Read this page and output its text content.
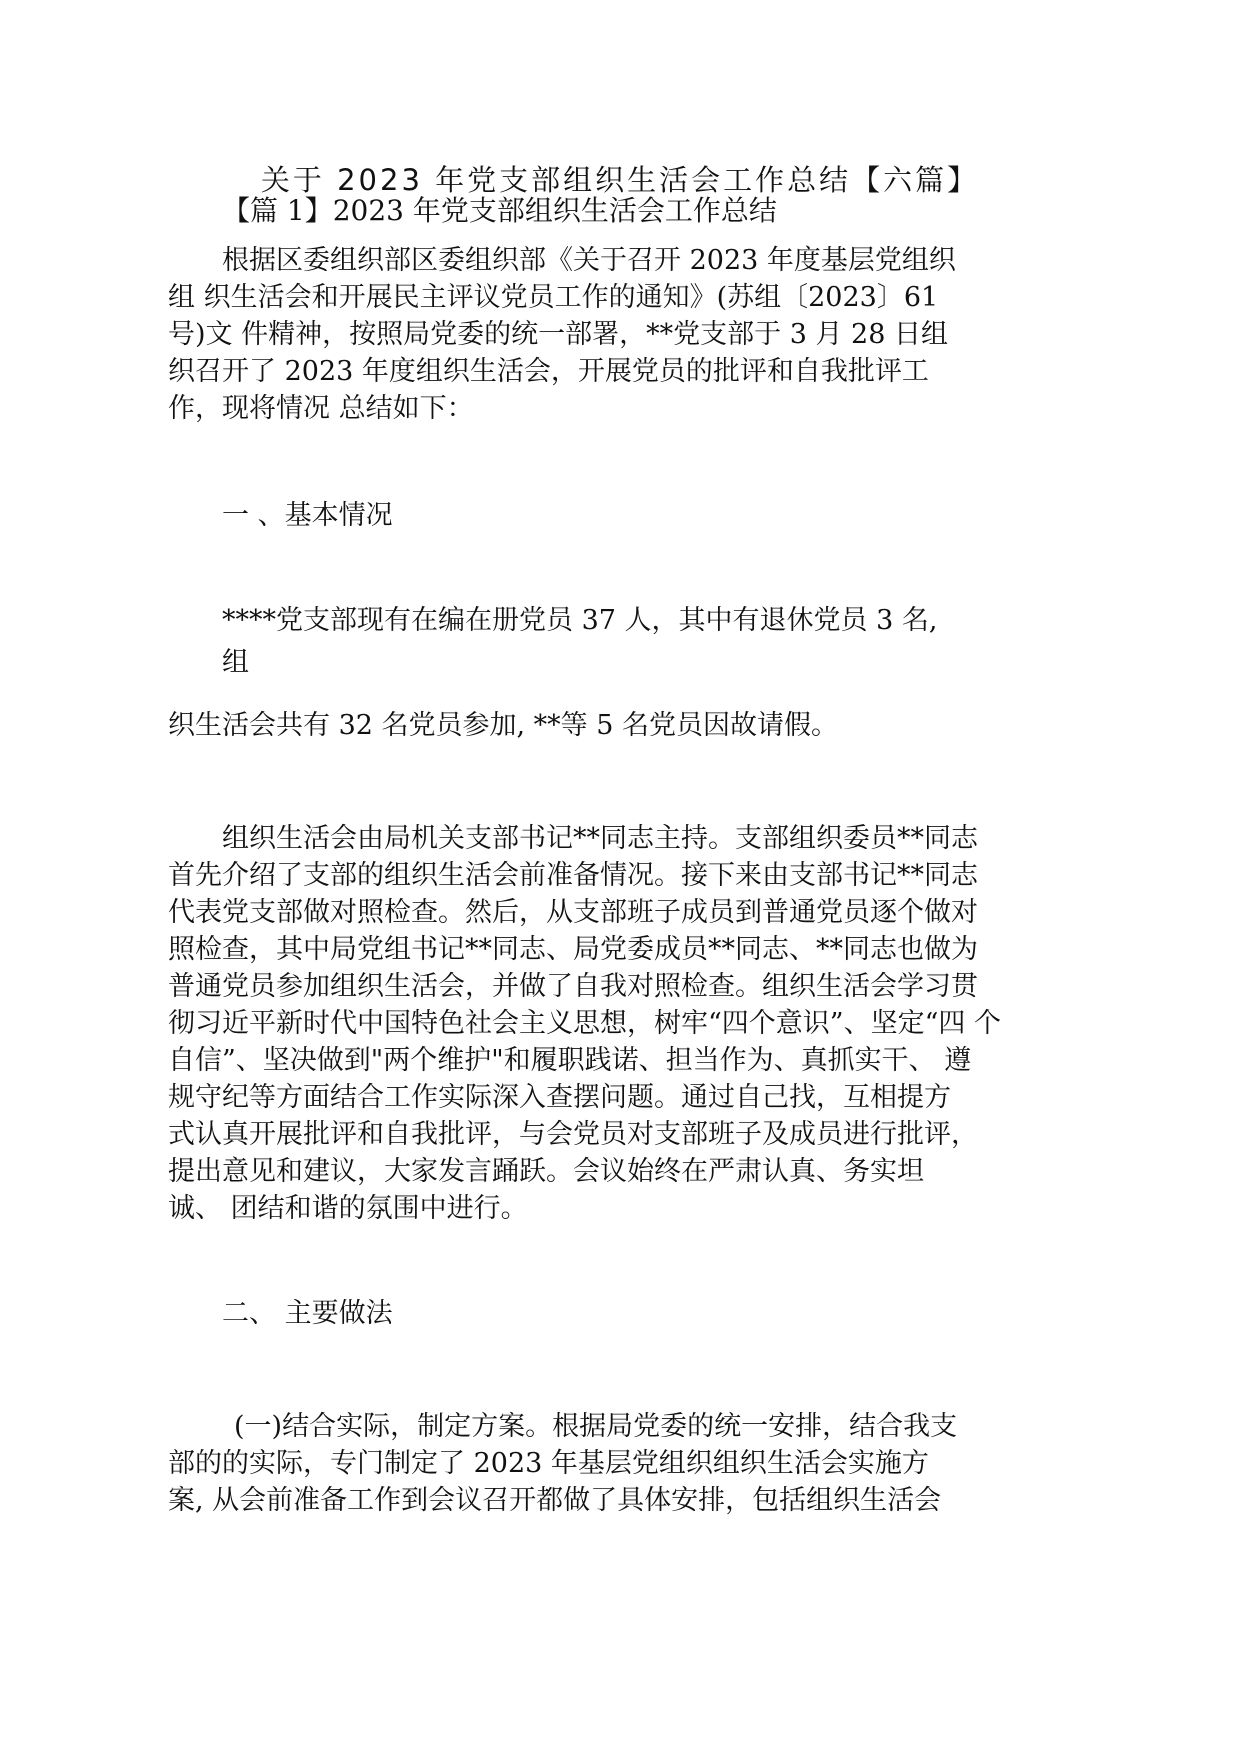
关于 2023 年党支部组织生活会工作总结【六篇】
【篇 1】2023 年党支部组织生活会工作总结
根据区委组织部区委组织部《关于召开 2023 年度基层党组织
组 织生活会和开展民主评议党员工作的通知》(苏组〔2023〕61
号)文 件精神，按照局党委的统一部署，**党支部于 3 月 28 日组
织召开了 2023 年度组织生活会，开展党员的批评和自我批评工
作，现将情况 总结如下：
一 、基本情况
****党支部现有在编在册党员 37 人，其中有退休党员 3 名,
组
织生活会共有 32 名党员参加, **等 5 名党员因故请假。
组织生活会由局机关支部书记**同志主持。支部组织委员**同志
首先介绍了支部的组织生活会前准备情况。接下来由支部书记**同志
代表党支部做对照检查。然后，从支部班子成员到普通党员逐个做对
照检查，其中局党组书记**同志、局党委成员**同志、**同志也做为
普通党员参加组织生活会，并做了自我对照检查。组织生活会学习贯
彻习近平新时代中国特色社会主义思想，树牢“四个意识”、坚定“四 个
自信”、坚决做到"两个维护"和履职践诺、担当作为、真抓实干、 遵
规守纪等方面结合工作实际深入查摆问题。通过自己找，互相提方
式认真开展批评和自我批评，与会党员对支部班子及成员进行批评，
提出意见和建议，大家发言踊跃。会议始终在严肃认真、务实坦
诚、 团结和谐的氛围中进行。
二、 主要做法
(一)结合实际，制定方案。根据局党委的统一安排，结合我支
部的的实际，专门制定了 2023 年基层党组织组织生活会实施方
案, 从会前准备工作到会议召开都做了具体安排，包括组织生活会
